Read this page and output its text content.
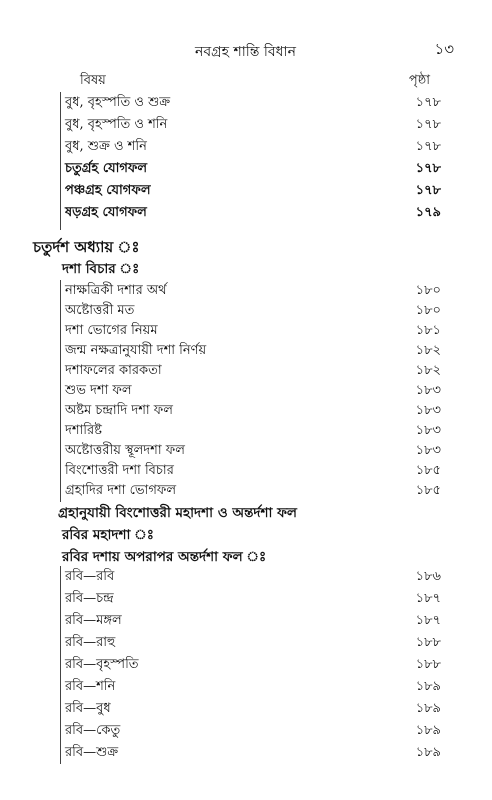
নবগ্রহ শান্তি বিধান	১৩
বিষয়	পৃষ্ঠা
বুধ, বৃহস্পতি ও শুক্র	১৭৮
বুধ, বৃহস্পতি ও শনি	১৭৮
বুধ, শুক্র ও শনি	১৭৮
চতুর্গ্রহ যোগফল	১৭৮
পঞ্চগ্রহ যোগফল	১৭৮
ষড়গ্রহ যোগফল	১৭৯
চতুর্দশ অধ্যায় ঃ
দশা বিচার ঃ
নাক্ষত্রিকী দশার অর্থ	১৮০
অষ্টোত্তরী মত	১৮০
দশা ভোগের নিয়ম	১৮১
জন্ম নক্ষত্রানুযায়ী দশা নির্ণয়	১৮২
দশাফলের কারকতা	১৮২
শুভ দশা ফল	১৮৩
অষ্টম চন্দ্রাদি দশা ফল	১৮৩
দশারিষ্ট	১৮৩
অষ্টোত্তরীয় স্থূলদশা ফল	১৮৩
বিংশোত্তরী দশা বিচার	১৮৫
গ্রহাদির দশা ভোগফল	১৮৫
গ্রহানুযায়ী বিংশোত্তরী মহাদশা ও অন্তর্দশা ফল
রবির মহাদশা ঃ
রবির দশায় অপরাপর অন্তর্দশা ফল ঃ
রবি—রবি	১৮৬
রবি—চন্দ্র	১৮৭
রবি—মঙ্গল	১৮৭
রবি—রাহু	১৮৮
রবি—বৃহস্পতি	১৮৮
রবি—শনি	১৮৯
রবি—বুধ	১৮৯
রবি—কেতু	১৮৯
রবি—শুক্র	১৮৯
